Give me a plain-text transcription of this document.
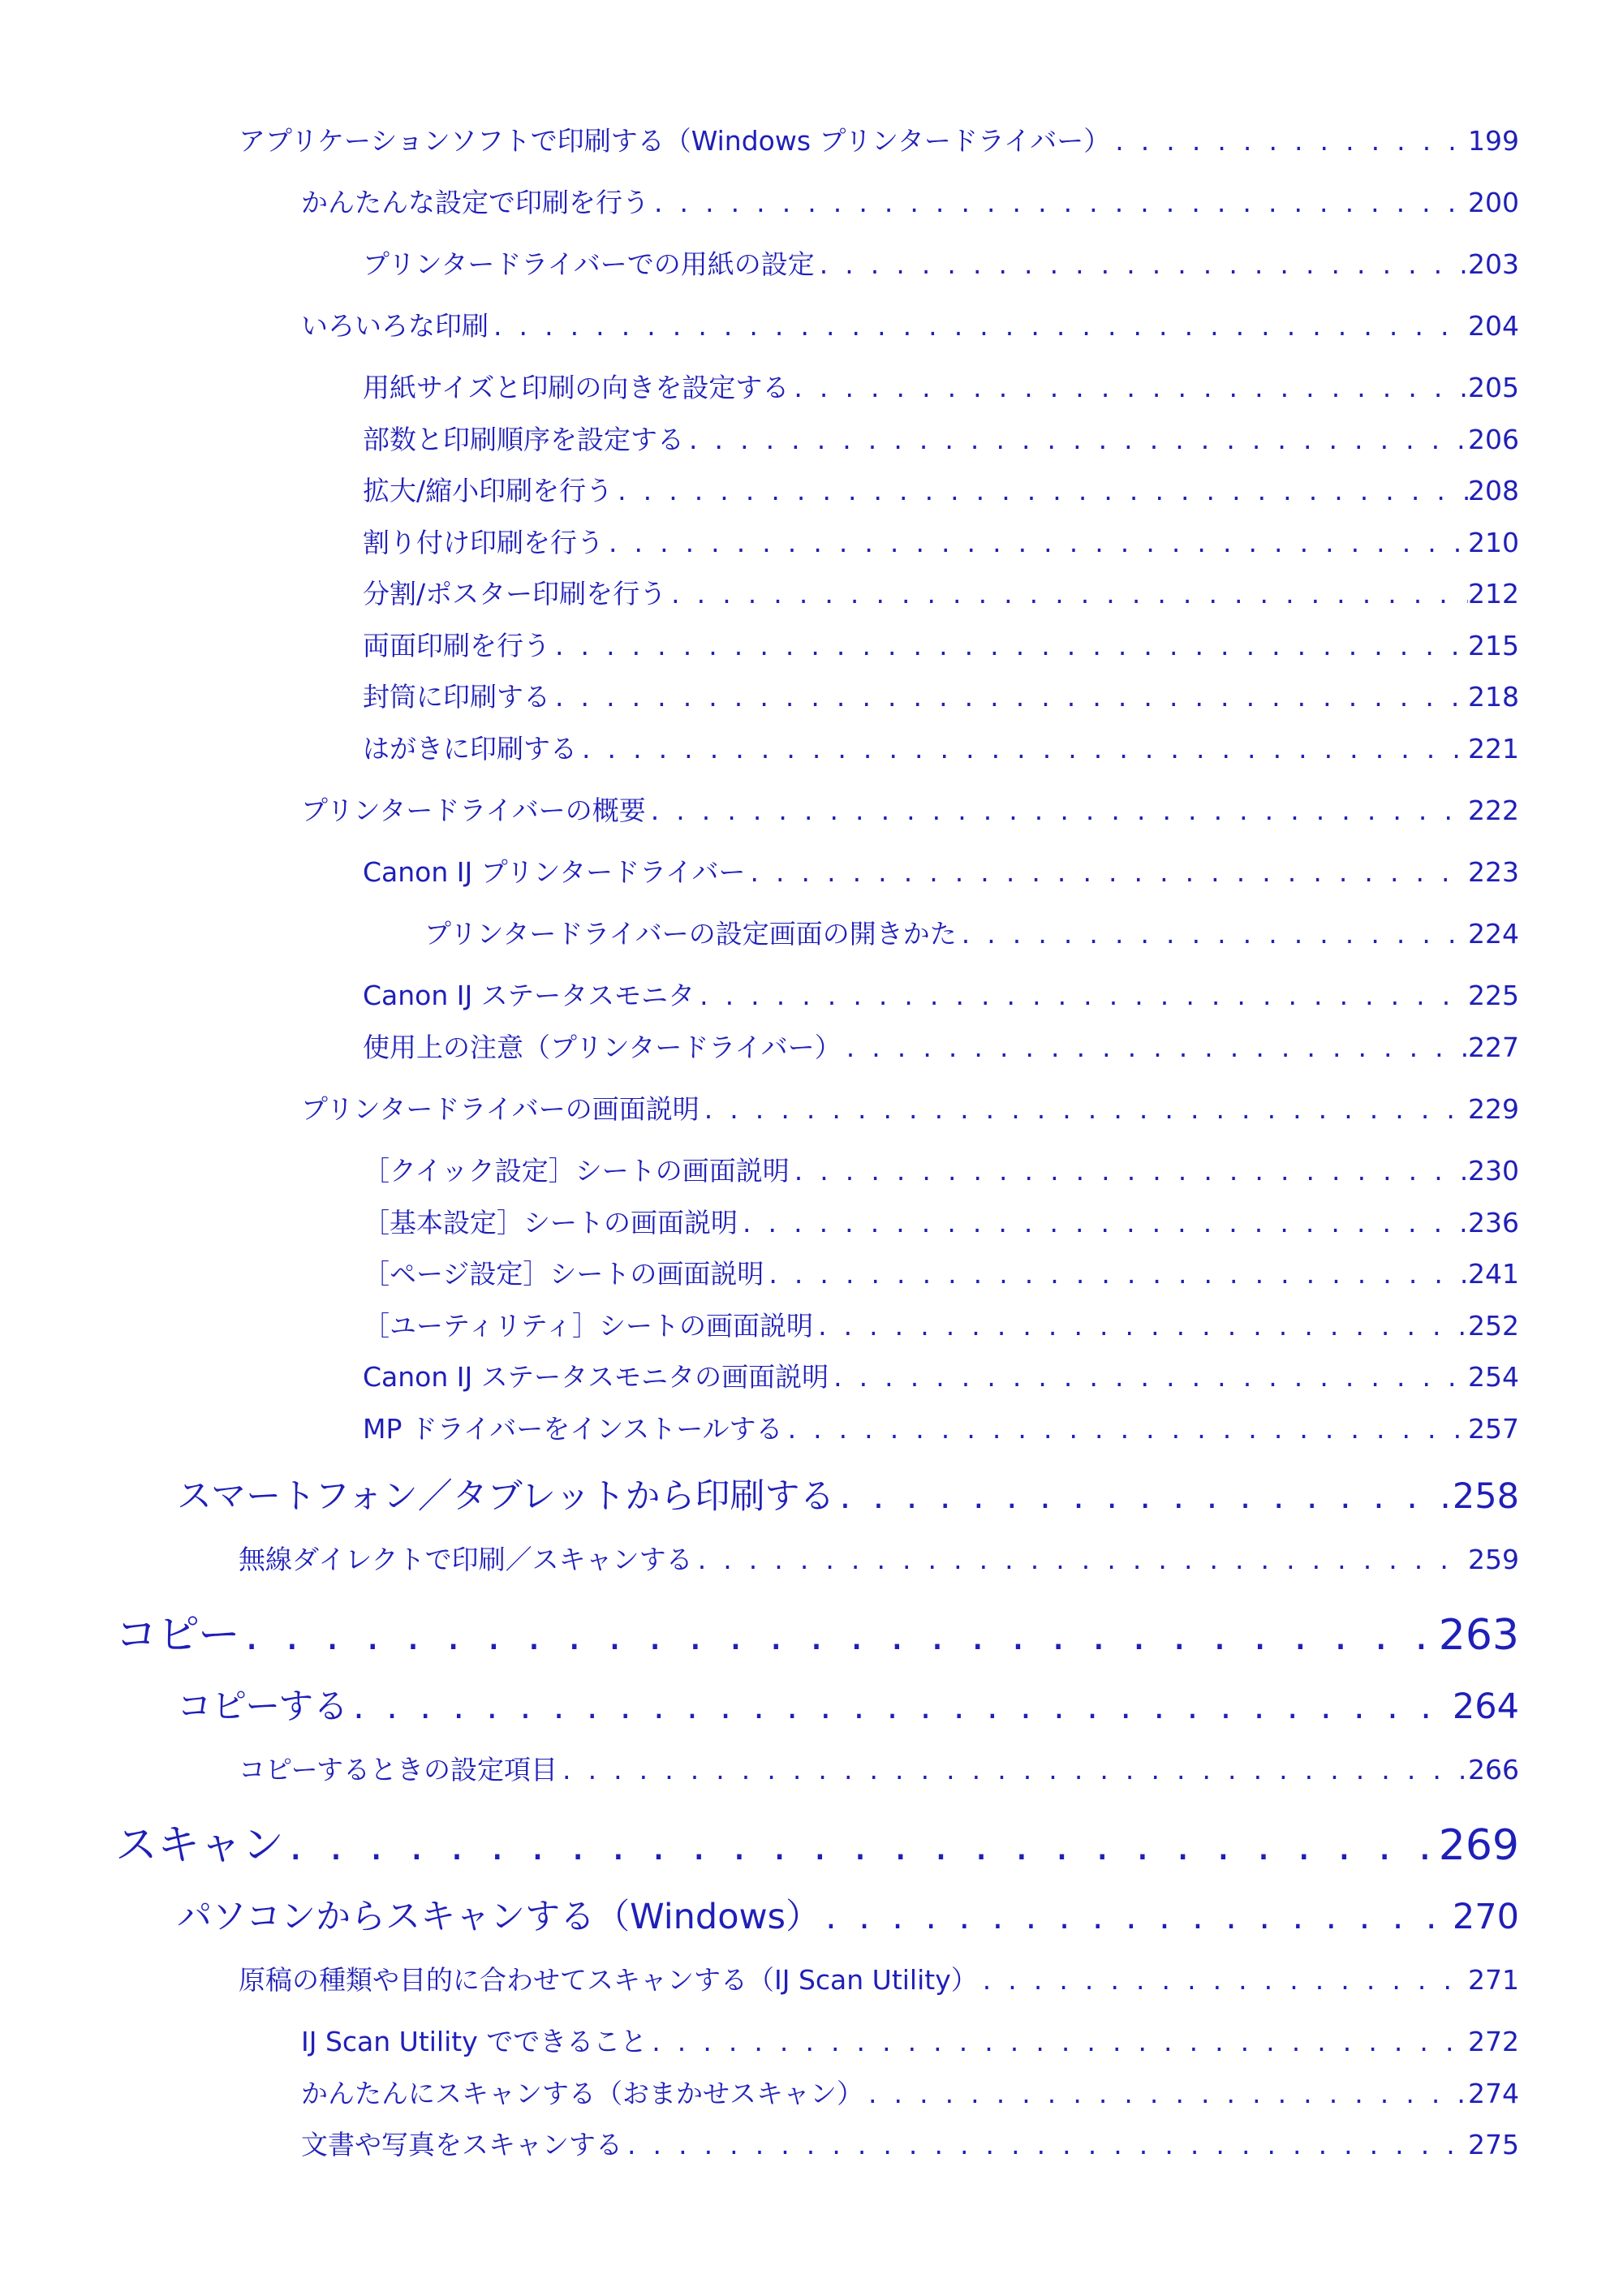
アプリケーションソフトで印刷する（Windows プリンタードライバー） . . .	199
かんたんな設定で印刷を行う . . .	200
プリンタードライバーでの用紙の設定 . . .	203
いろいろな印刷 . . .	204
用紙サイズと印刷の向きを設定する . . .	205
部数と印刷順序を設定する . . .	206
拡大/縮小印刷を行う . . .	208
割り付け印刷を行う . . .	210
分割/ポスター印刷を行う . . .	212
両面印刷を行う . . .	215
封筒に印刷する . . .	218
はがきに印刷する . . .	221
プリンタードライバーの概要 . . .	222
Canon IJ プリンタードライバー . . .	223
プリンタードライバーの設定画面の開きかた . . .	224
Canon IJ ステータスモニタ . . .	225
使用上の注意（プリンタードライバー） . . .	227
プリンタードライバーの画面説明 . . .	229
［クイック設定］シートの画面説明 . . .	230
［基本設定］シートの画面説明 . . .	236
［ページ設定］シートの画面説明 . . .	241
［ユーティリティ］シートの画面説明 . . .	252
Canon IJ ステータスモニタの画面説明 . . .	254
MP ドライバーをインストールする . . .	257
スマートフォン／タブレットから印刷する . . .	258
無線ダイレクトで印刷／スキャンする . . .	259
コピー . . .	263
コピーする . . .	264
コピーするときの設定項目 . . .	266
スキャン . . .	269
パソコンからスキャンする（Windows） . . .	270
原稿の種類や目的に合わせてスキャンする（IJ Scan Utility） . . .	271
IJ Scan Utility でできること . . .	272
かんたんにスキャンする（おまかせスキャン） . . .	274
文書や写真をスキャンする . . .	275
